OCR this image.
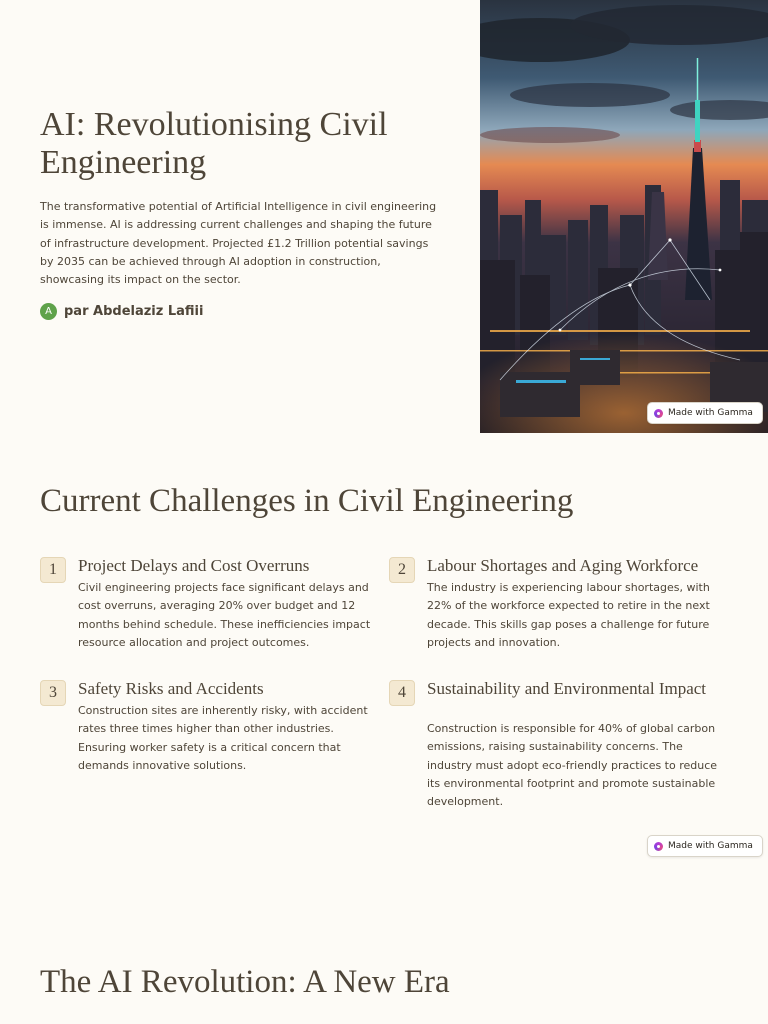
AI: Revolutionising Civil Engineering

The transformative potential of Artificial Intelligence in civil engineering is immense. AI is addressing current challenges and shaping the future of infrastructure development. Projected £1.2 Trillion potential savings by 2035 can be achieved through AI adoption in construction, showcasing its impact on the sector.

A par Abdelaziz Lafiii
Made with Gamma
Current Challenges in Civil Engineering
1	Project Delays and Cost Overruns

Civil engineering projects face significant delays and cost overruns, averaging 20% over budget and 12 months behind schedule. These inefficiencies impact resource allocation and project outcomes.

2	Labour Shortages and Aging Workforce

The industry is experiencing labour shortages, with 22% of the workforce expected to retire in the next decade. This skills gap poses a challenge for future projects and innovation.

3	Safety Risks and Accidents

Construction sites are inherently risky, with accident rates three times higher than other industries. Ensuring worker safety is a critical concern that demands innovative solutions.

4	Sustainability and Environmental Impact

Construction is responsible for 40% of global carbon emissions, raising sustainability concerns. The industry must adopt eco-friendly practices to reduce its environmental footprint and promote sustainable development.

Made with Gamma
The AI Revolution: A New Era
